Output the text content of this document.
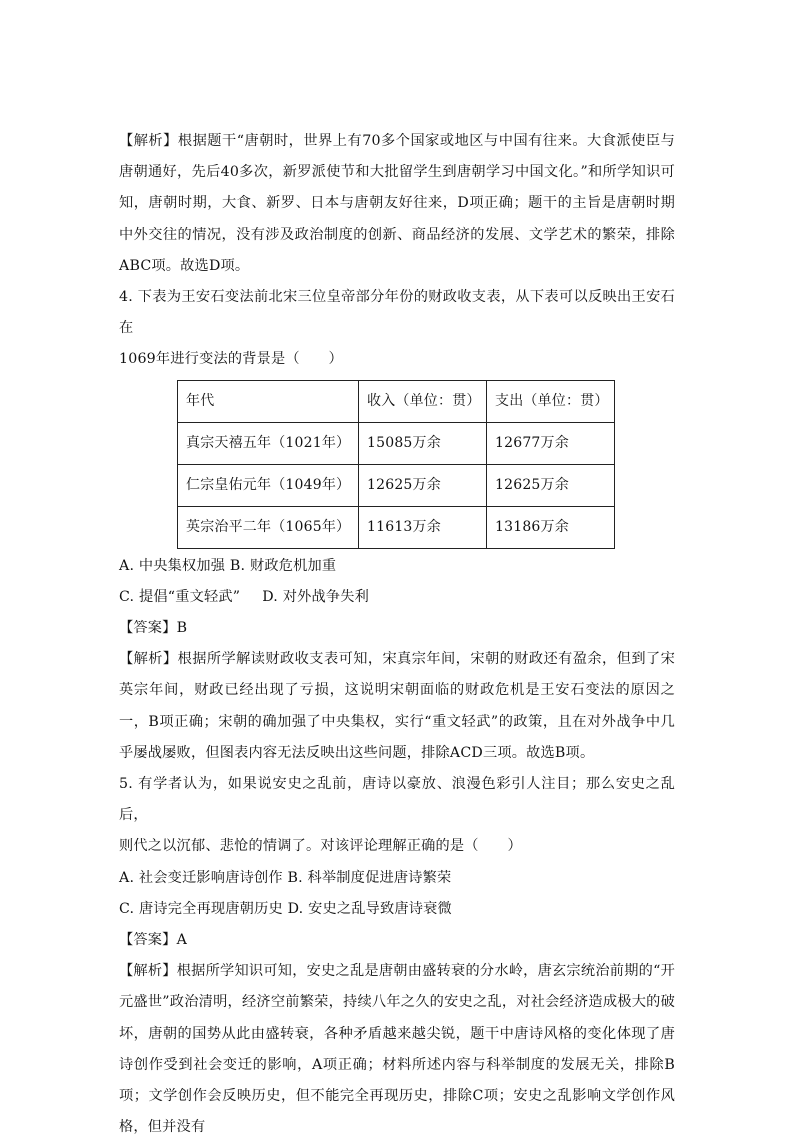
【解析】根据题干“唐朝时，世界上有70多个国家或地区与中国有往来。大食派使臣与唐朝通好，先后40多次，新罗派使节和大批留学生到唐朝学习中国文化。”和所学知识可知，唐朝时期，大食、新罗、日本与唐朝友好往来，D项正确；题干的主旨是唐朝时期中外交往的情况，没有涉及政治制度的创新、商品经济的发展、文学艺术的繁荣，排除ABC项。故选D项。

4. 下表为王安石变法前北宋三位皇帝部分年份的财政收支表，从下表可以反映出王安石在
1069年进行变法的背景是（　　）

年代	收入（单位：贯）	支出（单位：贯）
真宗天禧五年（1021年）	15085万余	12677万余
仁宗皇佑元年（1049年）	12625万余	12625万余
英宗治平二年（1065年）	11613万余	13186万余

A. 中央集权加强 B. 财政危机加重

C. 提倡“重文轻武” D. 对外战争失利

【答案】B

【解析】根据所学解读财政收支表可知，宋真宗年间，宋朝的财政还有盈余，但到了宋英宗年间，财政已经出现了亏损，这说明宋朝面临的财政危机是王安石变法的原因之一，B项正确；宋朝的确加强了中央集权，实行“重文轻武”的政策，且在对外战争中几乎屡战屡败，但图表内容无法反映出这些问题，排除ACD三项。故选B项。

5. 有学者认为，如果说安史之乱前，唐诗以豪放、浪漫色彩引人注目；那么安史之乱后，
则代之以沉郁、悲怆的情调了。对该评论理解正确的是（　　）

A. 社会变迁影响唐诗创作 B. 科举制度促进唐诗繁荣

C. 唐诗完全再现唐朝历史 D. 安史之乱导致唐诗衰微

【答案】A

【解析】根据所学知识可知，安史之乱是唐朝由盛转衰的分水岭，唐玄宗统治前期的“开元盛世”政治清明，经济空前繁荣，持续八年之久的安史之乱，对社会经济造成极大的破坏，唐朝的国势从此由盛转衰，各种矛盾越来越尖锐，题干中唐诗风格的变化体现了唐诗创作受到社会变迁的影响，A项正确；材料所述内容与科举制度的发展无关，排除B项；文学创作会反映历史，但不能完全再现历史，排除C项；安史之乱影响文学创作风格，但并没有
